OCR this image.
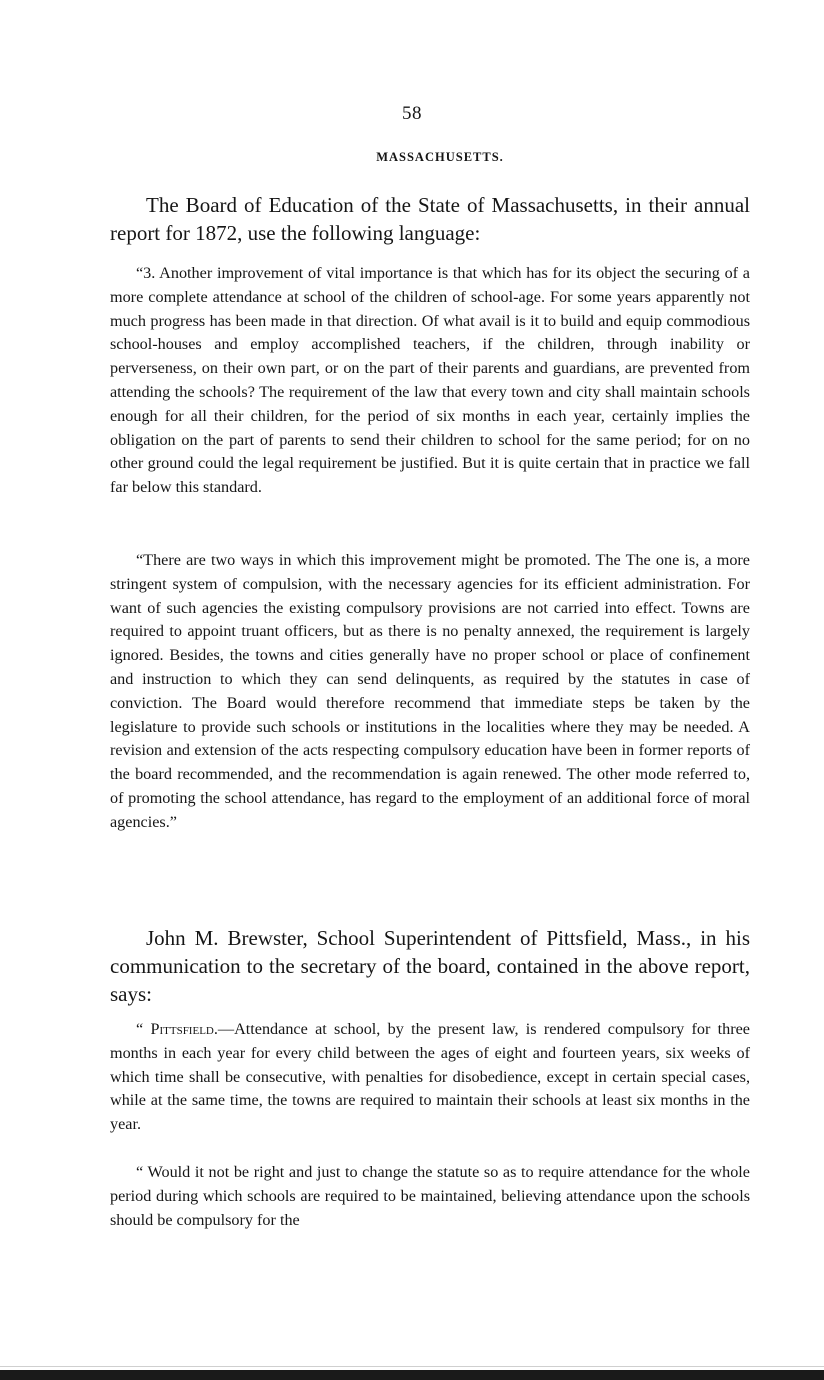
58
MASSACHUSETTS.

The Board of Education of the State of Massachusetts, in their annual report for 1872, use the following language:

“3. Another improvement of vital importance is that which has for its object the securing of a more complete attendance at school of the children of school-age. For some years apparently not much progress has been made in that direction. Of what avail is it to build and equip commodious school-houses and employ accomplished teachers, if the children, through inability or perverseness, on their own part, or on the part of their parents and guardians, are prevented from attending the schools? The requirement of the law that every town and city shall maintain schools enough for all their children, for the period of six months in each year, certainly implies the obligation on the part of parents to send their children to school for the same period; for on no other ground could the legal requirement be justified. But it is quite certain that in practice we fall far below this standard.

“There are two ways in which this improvement might be promoted. The The one is, a more stringent system of compulsion, with the necessary agencies for its efficient administration. For want of such agencies the existing compulsory provisions are not carried into effect. Towns are required to appoint truant officers, but as there is no penalty annexed, the requirement is largely ignored. Besides, the towns and cities generally have no proper school or place of confinement and instruction to which they can send delinquents, as required by the statutes in case of conviction. The Board would therefore recommend that immediate steps be taken by the legislature to provide such schools or institutions in the localities where they may be needed. A revision and extension of the acts respecting compulsory education have been in former reports of the board recommended, and the recommendation is again renewed. The other mode referred to, of promoting the school attendance, has regard to the employment of an additional force of moral agencies.”

John M. Brewster, School Superintendent of Pittsfield, Mass., in his communication to the secretary of the board, contained in the above report, says:

“ Pittsfield.—Attendance at school, by the present law, is rendered compulsory for three months in each year for every child between the ages of eight and fourteen years, six weeks of which time shall be consecutive, with penalties for disobedience, except in certain special cases, while at the same time, the towns are required to maintain their schools at least six months in the year.

“ Would it not be right and just to change the statute so as to require attendance for the whole period during which schools are required to be maintained, believing attendance upon the schools should be compulsory for the
